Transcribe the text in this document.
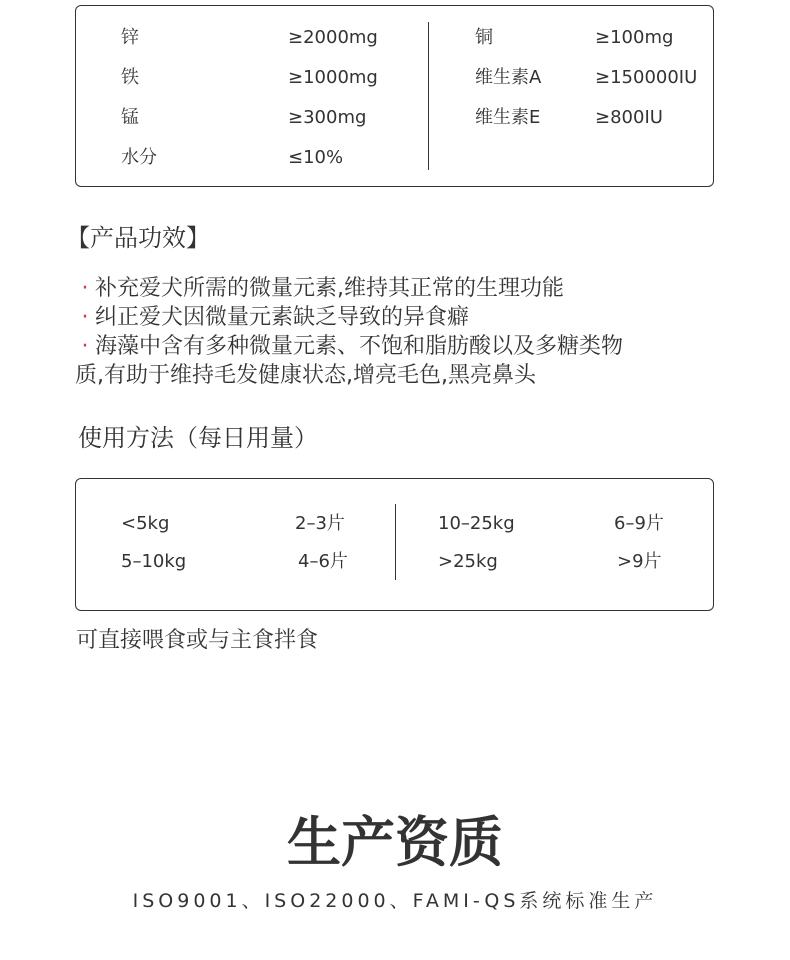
锌	≥2000mg
铁	≥1000mg
锰	≥300mg
水分	≤10%
铜	≥100mg
维生素A	≥150000IU
维生素E	≥800IU
【产品功效】
· 补充爱犬所需的微量元素,维持其正常的生理功能
· 纠正爱犬因微量元素缺乏导致的异食癖
· 海藻中含有多种微量元素、不饱和脂肪酸以及多糖类物
质,有助于维持毛发健康状态,增亮毛色,黑亮鼻头
使用方法（每日用量）
<5kg	2–3片
5–10kg	4–6片
10–25kg	6–9片
>25kg	>9片
可直接喂食或与主食拌食
生产资质
ISO9001、ISO22000、FAMI-QS系统标准生产
